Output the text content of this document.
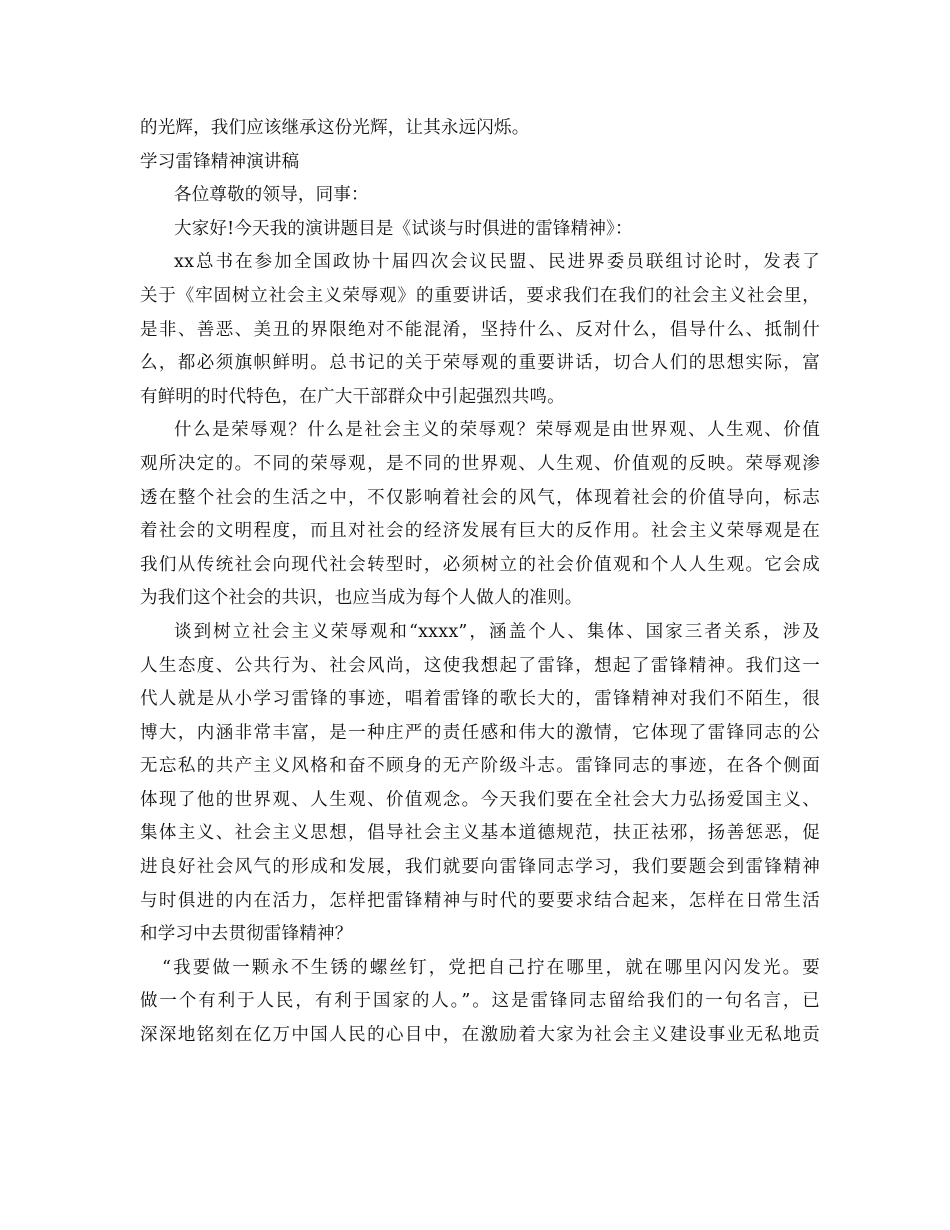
的光辉，我们应该继承这份光辉，让其永远闪烁。
学习雷锋精神演讲稿
各位尊敬的领导，同事：
大家好!今天我的演讲题目是《试谈与时俱进的雷锋精神》：
xx总书在参加全国政协十届四次会议民盟、民进界委员联组讨论时，发表了
关于《牢固树立社会主义荣辱观》的重要讲话，要求我们在我们的社会主义社会里，
是非、善恶、美丑的界限绝对不能混淆，坚持什么、反对什么，倡导什么、抵制什
么，都必须旗帜鲜明。总书记的关于荣辱观的重要讲话，切合人们的思想实际，富
有鲜明的时代特色，在广大干部群众中引起强烈共鸣。
什么是荣辱观？什么是社会主义的荣辱观？荣辱观是由世界观、人生观、价值
观所决定的。不同的荣辱观，是不同的世界观、人生观、价值观的反映。荣辱观渗
透在整个社会的生活之中，不仅影响着社会的风气，体现着社会的价值导向，标志
着社会的文明程度，而且对社会的经济发展有巨大的反作用。社会主义荣辱观是在
我们从传统社会向现代社会转型时，必须树立的社会价值观和个人人生观。它会成
为我们这个社会的共识，也应当成为每个人做人的准则。
谈到树立社会主义荣辱观和“xxxx”，涵盖个人、集体、国家三者关系，涉及
人生态度、公共行为、社会风尚，这使我想起了雷锋，想起了雷锋精神。我们这一
代人就是从小学习雷锋的事迹，唱着雷锋的歌长大的，雷锋精神对我们不陌生，很
博大，内涵非常丰富，是一种庄严的责任感和伟大的激情，它体现了雷锋同志的公
无忘私的共产主义风格和奋不顾身的无产阶级斗志。雷锋同志的事迹，在各个侧面
体现了他的世界观、人生观、价值观念。今天我们要在全社会大力弘扬爱国主义、
集体主义、社会主义思想，倡导社会主义基本道德规范，扶正祛邪，扬善惩恶，促
进良好社会风气的形成和发展，我们就要向雷锋同志学习，我们要题会到雷锋精神
与时俱进的内在活力，怎样把雷锋精神与时代的要要求结合起来，怎样在日常生活
和学习中去贯彻雷锋精神？
“我要做一颗永不生锈的螺丝钉，党把自己拧在哪里，就在哪里闪闪发光。要
做一个有利于人民，有利于国家的人。”。这是雷锋同志留给我们的一句名言，已
深深地铭刻在亿万中国人民的心目中，在激励着大家为社会主义建设事业无私地贡
